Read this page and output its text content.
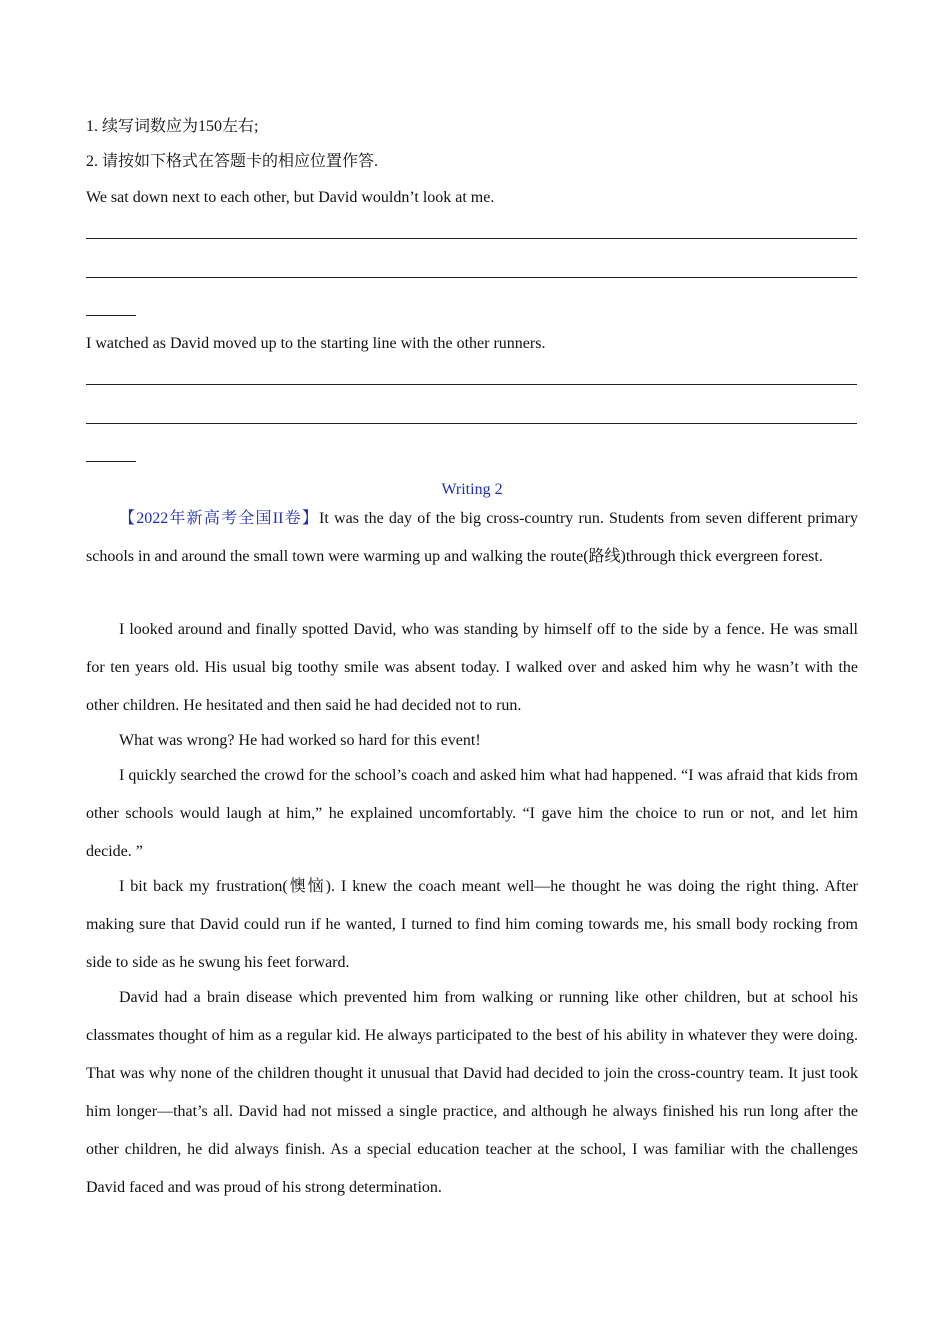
1. 续写词数应为150左右;
2. 请按如下格式在答题卡的相应位置作答.
We sat down next to each other, but David wouldn’t look at me.
I watched as David moved up to the starting line with the other runners.
Writing 2
【2022年新高考全国II卷】It was the day of the big cross-country run. Students from seven different primary schools in and around the small town were warming up and walking the route(路线)through thick evergreen forest.
I looked around and finally spotted David, who was standing by himself off to the side by a fence. He was small for ten years old. His usual big toothy smile was absent today. I walked over and asked him why he wasn’t with the other children. He hesitated and then said he had decided not to run.
What was wrong? He had worked so hard for this event!
I quickly searched the crowd for the school’s coach and asked him what had happened. “I was afraid that kids from other schools would laugh at him,” he explained uncomfortably. “I gave him the choice to run or not, and let him decide. ”
I bit back my frustration(懊恼). I knew the coach meant well—he thought he was doing the right thing. After making sure that David could run if he wanted, I turned to find him coming towards me, his small body rocking from side to side as he swung his feet forward.
David had a brain disease which prevented him from walking or running like other children, but at school his classmates thought of him as a regular kid. He always participated to the best of his ability in whatever they were doing. That was why none of the children thought it unusual that David had decided to join the cross-country team. It just took him longer—that’s all. David had not missed a single practice, and although he always finished his run long after the other children, he did always finish. As a special education teacher at the school, I was familiar with the challenges David faced and was proud of his strong determination.
